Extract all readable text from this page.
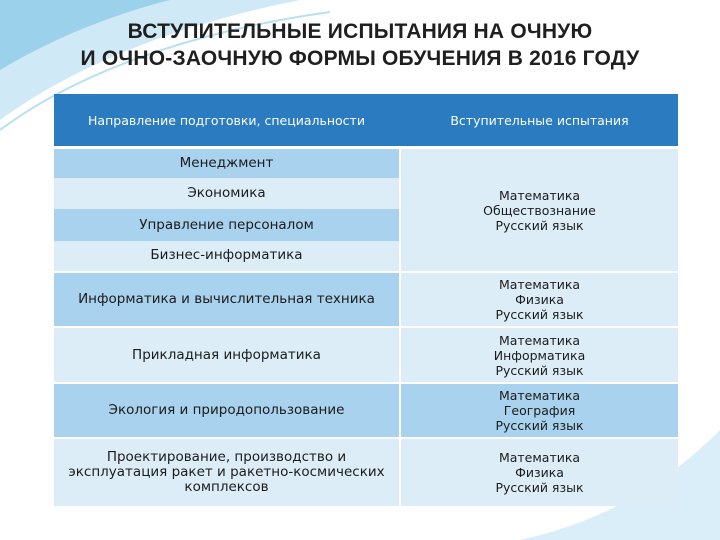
ВСТУПИТЕЛЬНЫЕ ИСПЫТАНИЯ НА ОЧНУЮ
И ОЧНО-ЗАОЧНУЮ ФОРМЫ ОБУЧЕНИЯ В 2016 ГОДУ
Направление подготовки, специальности	Вступительные испытания
Менеджмент	Математика
Обществознание
Русский язык

Экономика	
Управление персоналом	
Бизнес-информатика	
Информатика и вычислительная техника	Математика
Физика
Русский язык

Прикладная информатика	Математика
Информатика
Русский язык

Экология и природопользование	Математика
География
Русский язык

Проектирование, производство и эксплуатация ракет и ракетно-космических комплексов	Математика
Физика
Русский язык
